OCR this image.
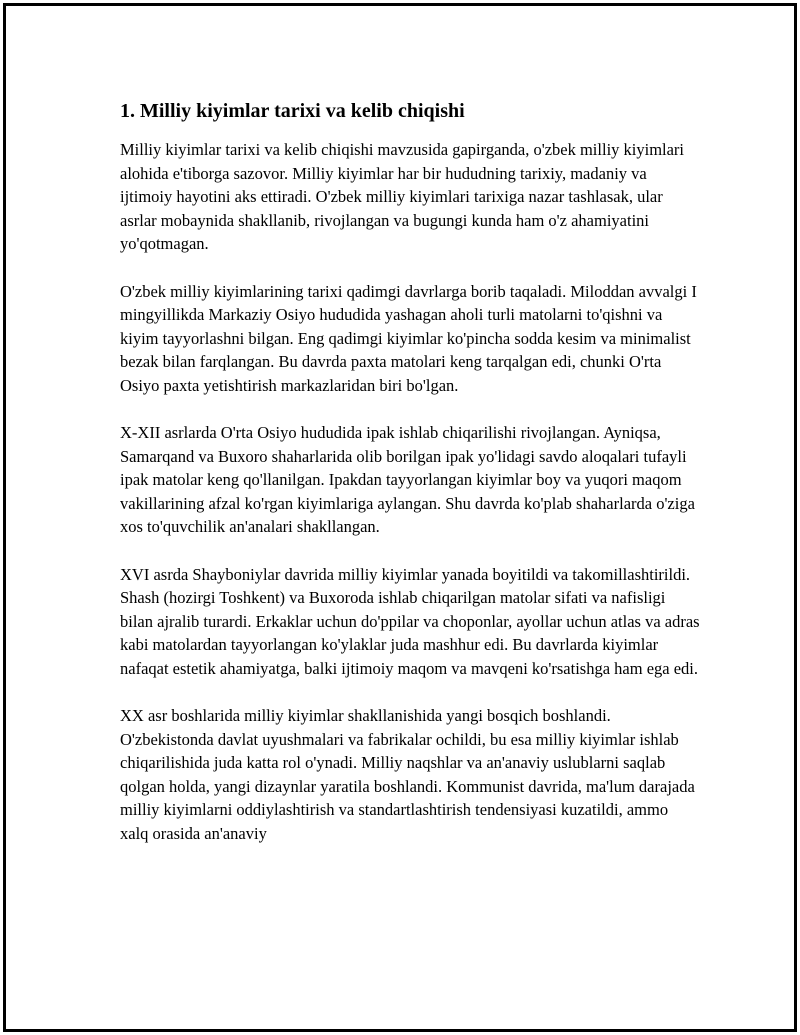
1. Milliy kiyimlar tarixi va kelib chiqishi

Milliy kiyimlar tarixi va kelib chiqishi mavzusida gapirganda, o'zbek milliy kiyimlari alohida e'tiborga sazovor. Milliy kiyimlar har bir hududning tarixiy, madaniy va ijtimoiy hayotini aks ettiradi. O'zbek milliy kiyimlari tarixiga nazar tashlasak, ular asrlar mobaynida shakllanib, rivojlangan va bugungi kunda ham o'z ahamiyatini yo'qotmagan.

O'zbek milliy kiyimlarining tarixi qadimgi davrlarga borib taqaladi. Miloddan avvalgi I mingyillikda Markaziy Osiyo hududida yashagan aholi turli matolarni to'qishni va kiyim tayyorlashni bilgan. Eng qadimgi kiyimlar ko'pincha sodda kesim va minimalist bezak bilan farqlangan. Bu davrda paxta matolari keng tarqalgan edi, chunki O'rta Osiyo paxta yetishtirish markazlaridan biri bo'lgan.

X-XII asrlarda O'rta Osiyo hududida ipak ishlab chiqarilishi rivojlangan. Ayniqsa, Samarqand va Buxoro shaharlarida olib borilgan ipak yo'lidagi savdo aloqalari tufayli ipak matolar keng qo'llanilgan. Ipakdan tayyorlangan kiyimlar boy va yuqori maqom vakillarining afzal ko'rgan kiyimlariga aylangan. Shu davrda ko'plab shaharlarda o'ziga xos to'quvchilik an'analari shakllangan.

XVI asrda Shayboniylar davrida milliy kiyimlar yanada boyitildi va takomillashtirildi. Shash (hozirgi Toshkent) va Buxoroda ishlab chiqarilgan matolar sifati va nafisligi bilan ajralib turardi. Erkaklar uchun do'ppilar va choponlar, ayollar uchun atlas va adras kabi matolardan tayyorlangan ko'ylaklar juda mashhur edi. Bu davrlarda kiyimlar nafaqat estetik ahamiyatga, balki ijtimoiy maqom va mavqeni ko'rsatishga ham ega edi.

XX asr boshlarida milliy kiyimlar shakllanishida yangi bosqich boshlandi. O'zbekistonda davlat uyushmalari va fabrikalar ochildi, bu esa milliy kiyimlar ishlab chiqarilishida juda katta rol o'ynadi. Milliy naqshlar va an'anaviy uslublarni saqlab qolgan holda, yangi dizaynlar yaratila boshlandi. Kommunist davrida, ma'lum darajada milliy kiyimlarni oddiylashtirish va standartlashtirish tendensiyasi kuzatildi, ammo xalq orasida an'anaviy
